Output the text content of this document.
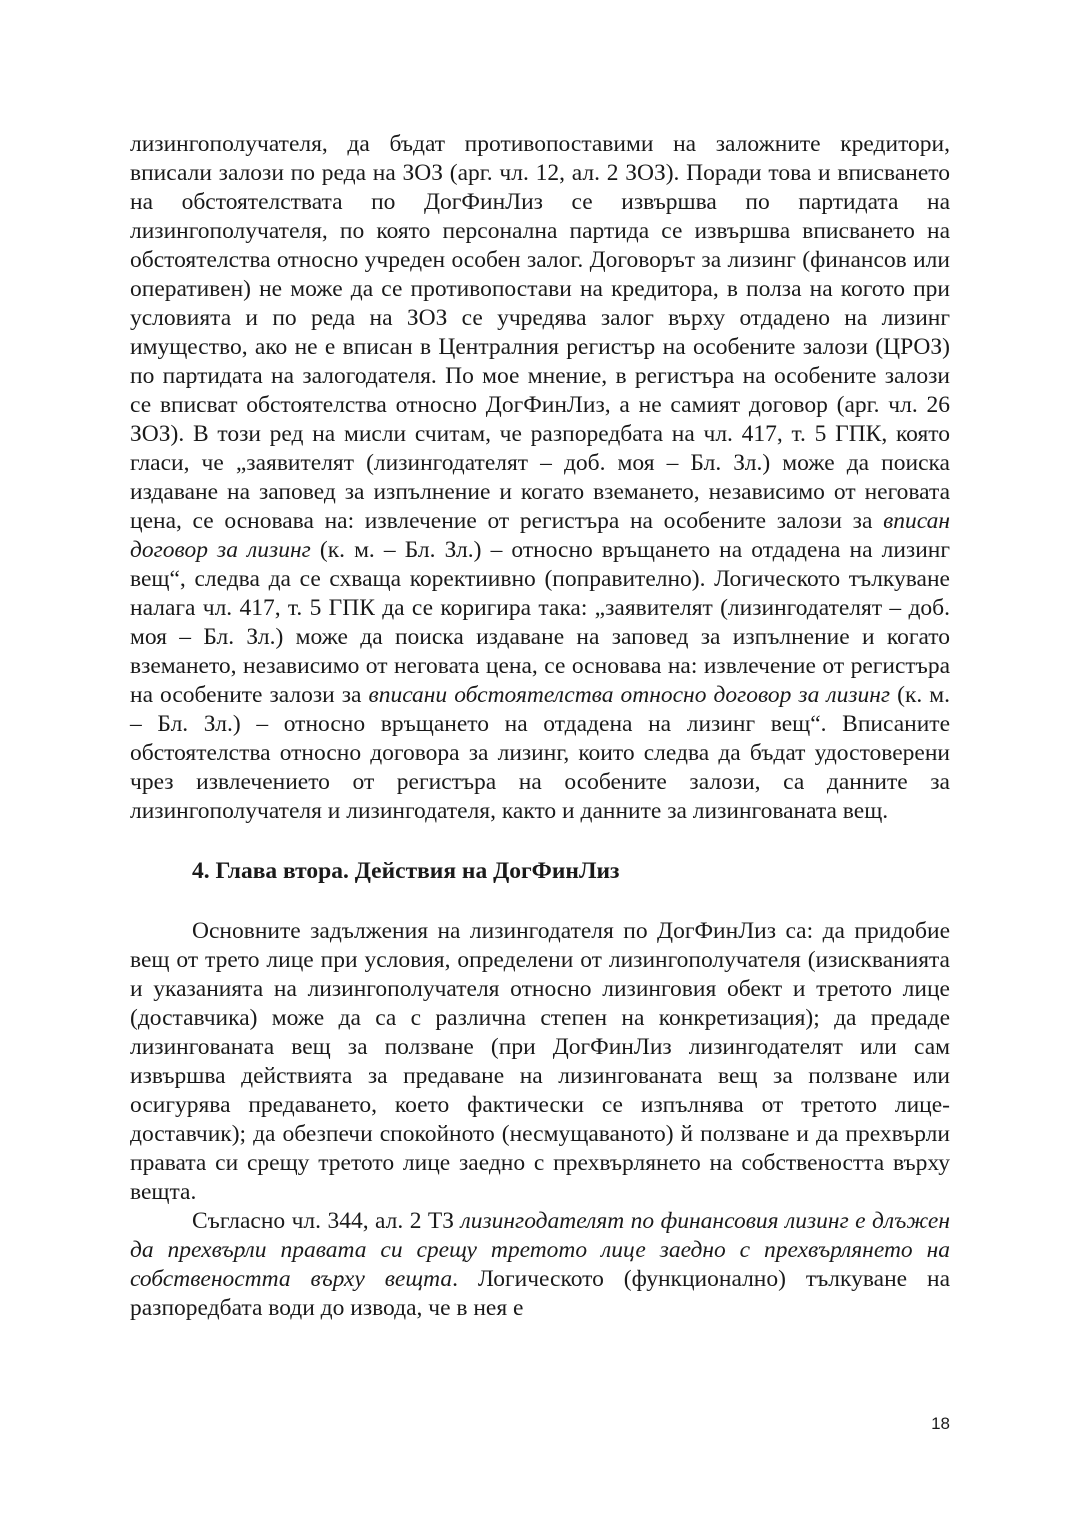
лизингополучателя, да бъдат противопоставими на заложните кредитори, вписали залози по реда на ЗОЗ (арг. чл. 12, ал. 2 ЗОЗ). Поради това и вписването на обстоятелствата по ДогФинЛиз се извършва по партидата на лизингополучателя, по която персонална партида се извършва вписването на обстоятелства относно учреден особен залог. Договорът за лизинг (финансов или оперативен) не може да се противопостави на кредитора, в полза на когото при условията и по реда на ЗОЗ се учредява залог върху отдадено на лизинг имущество, ако не е вписан в Централния регистър на особените залози (ЦРОЗ) по партидата на залогодателя. По мое мнение, в регистъра на особените залози се вписват обстоятелства относно ДогФинЛиз, а не самият договор (арг. чл. 26 ЗОЗ). В този ред на мисли считам, че разпоредбата на чл. 417, т. 5 ГПК, която гласи, че „заявителят (лизингодателят – доб. моя – Бл. Зл.) може да поиска издаване на заповед за изпълнение и когато вземането, независимо от неговата цена, се основава на: извлечение от регистъра на особените залози за вписан договор за лизинг (к. м. – Бл. Зл.) – относно връщането на отдадена на лизинг вещ“, следва да се схваща коректиивно (поправително). Логическото тълкуване налага чл. 417, т. 5 ГПК да се коригира така: „заявителят (лизингодателят – доб. моя – Бл. Зл.) може да поиска издаване на заповед за изпълнение и когато вземането, независимо от неговата цена, се основава на: извлечение от регистъра на особените залози за вписани обстоятелства относно договор за лизинг (к. м. – Бл. Зл.) – относно връщането на отдадена на лизинг вещ“. Вписаните обстоятелства относно договора за лизинг, които следва да бъдат удостоверени чрез извлечението от регистъра на особените залози, са данните за лизингополучателя и лизингодателя, както и данните за лизингованата вещ.

4. Глава втора. Действия на ДогФинЛиз

Основните задължения на лизингодателя по ДогФинЛиз са: да придобие вещ от трето лице при условия, определени от лизингополучателя (изискванията и указанията на лизингополучателя относно лизинговия обект и третото лице (доставчика) може да са с различна степен на конкретизация); да предаде лизингованата вещ за ползване (при ДогФинЛиз лизингодателят или сам извършва действията за предаване на лизингованата вещ за ползване или осигурява предаването, което фактически се изпълнява от третото лице-доставчик); да обезпечи спокойното (несмущаваното) й ползване и да прехвърли правата си срещу третото лице заедно с прехвърлянето на собствеността върху вещта.

Съгласно чл. 344, ал. 2 ТЗ лизингодателят по финансовия лизинг е длъжен да прехвърли правата си срещу третото лице заедно с прехвърлянето на собствеността върху вещта. Логическото (функционално) тълкуване на разпоредбата води до извода, че в нея е

18
